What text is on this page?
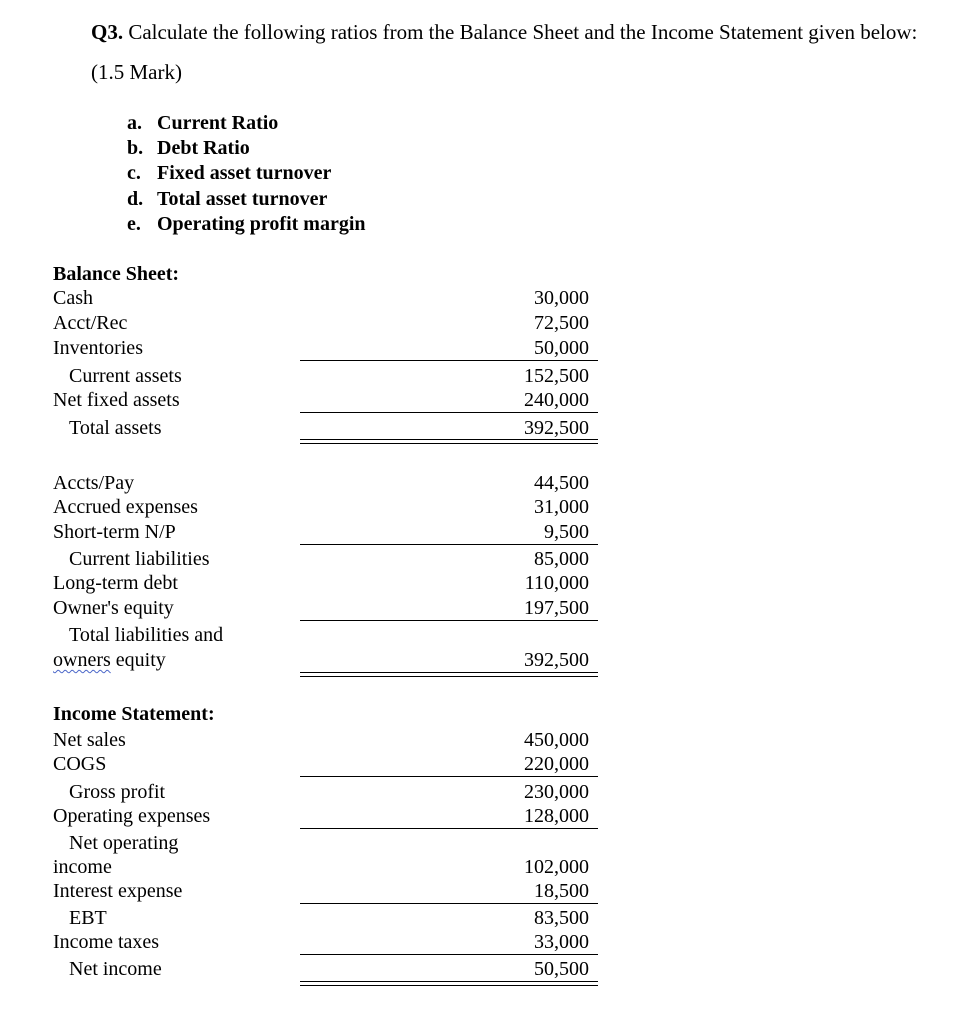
Q3. Calculate the following ratios from the Balance Sheet and the Income Statement given below:
(1.5 Mark)
a. Current Ratio
b. Debt Ratio
c. Fixed asset turnover
d. Total asset turnover
e. Operating profit margin
Balance Sheet:
Cash	30,000
Acct/Rec	72,500
Inventories	50,000
Current assets	152,500
Net fixed assets	240,000
Total assets	392,500
Accts/Pay	44,500
Accrued expenses	31,000
Short-term N/P	9,500
Current liabilities	85,000
Long-term debt	110,000
Owner's equity	197,500
Total liabilities and
owners equity	392,500
Income Statement:
Net sales	450,000
COGS	220,000
Gross profit	230,000
Operating expenses	128,000
Net operating
income	102,000
Interest expense	18,500
EBT	83,500
Income taxes	33,000
Net income	50,500
